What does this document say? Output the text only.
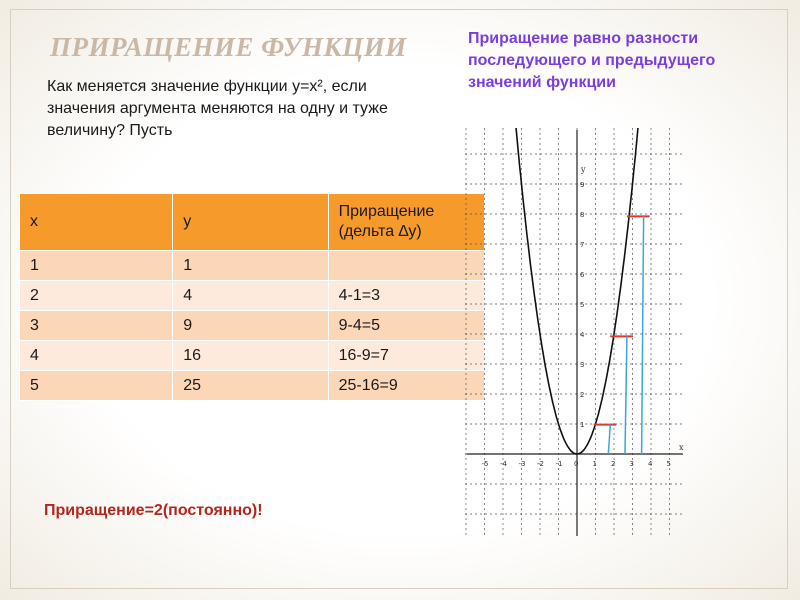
ПРИРАЩЕНИЕ ФУНКЦИИ
Как меняется значение функции y=x², если значения аргумента меняются на одну и туже величину? Пусть
Приращение равно разности последующего и предыдущего значений функции
x	y	Приращение (дельта ∆y)
1	1	
2	4	4-1=3
3	9	9-4=5
4	16	16-9=7
5	25	25-16=9
Приращение=2(постоянно)!
x
y
-5 -4 -3 -2 -1 0 1 2 3 4 5
1
2
3
4
5
6
7
8
9
